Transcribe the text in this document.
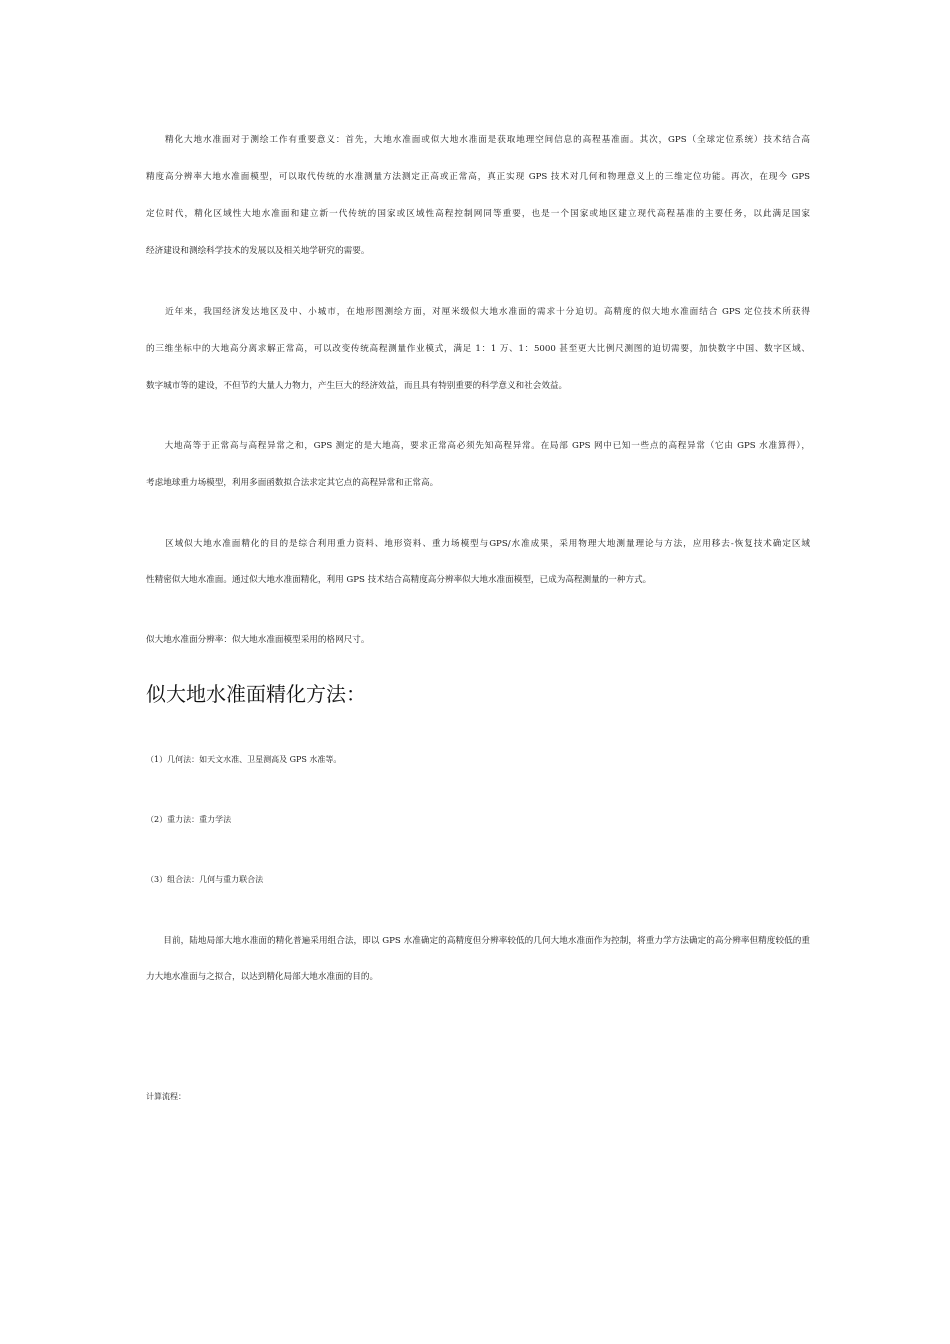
　　精化大地水准面对于测绘工作有重要意义：首先，大地水准面或似大地水准面是获取地理空间信息的高程基准面。其次，GPS（全球定位系统）技术结合高
精度高分辨率大地水准面模型，可以取代传统的水准测量方法测定正高或正常高，真正实现 GPS 技术对几何和物理意义上的三维定位功能。再次，在现今 GPS
定位时代，精化区域性大地水准面和建立新一代传统的国家或区域性高程控制网同等重要，也是一个国家或地区建立现代高程基准的主要任务，以此满足国家
经济建设和测绘科学技术的发展以及相关地学研究的需要。
　　近年来，我国经济发达地区及中、小城市，在地形图测绘方面，对厘米级似大地水准面的需求十分迫切。高精度的似大地水准面结合 GPS 定位技术所获得
的三维坐标中的大地高分离求解正常高，可以改变传统高程测量作业模式，满足 1：1 万、1：5000 甚至更大比例尺测图的迫切需要，加快数字中国、数字区域、
数字城市等的建设，不但节约大量人力物力，产生巨大的经济效益，而且具有特别重要的科学意义和社会效益。
　　大地高等于正常高与高程异常之和，GPS 测定的是大地高，要求正常高必须先知高程异常。在局部 GPS 网中已知一些点的高程异常（它由 GPS 水准算得），
考虑地球重力场模型，利用多面函数拟合法求定其它点的高程异常和正常高。
　　区域似大地水准面精化的目的是综合利用重力资料、地形资料、重力场模型与GPS/水准成果，采用物理大地测量理论与方法，应用移去-恢复技术确定区域
性精密似大地水准面。通过似大地水准面精化，利用 GPS 技术结合高精度高分辨率似大地水准面模型，已成为高程测量的一种方式。
似大地水准面分辨率：似大地水准面模型采用的格网尺寸。
似大地水准面精化方法：
（1）几何法：如天文水准、卫星测高及 GPS 水准等。
（2）重力法：重力学法
（3）组合法：几何与重力联合法
　　目前，陆地局部大地水准面的精化普遍采用组合法，即以 GPS 水准确定的高精度但分辨率较低的几何大地水准面作为控制，将重力学方法确定的高分辨率但精度较低的重
力大地水准面与之拟合，以达到精化局部大地水准面的目的。
计算流程：
